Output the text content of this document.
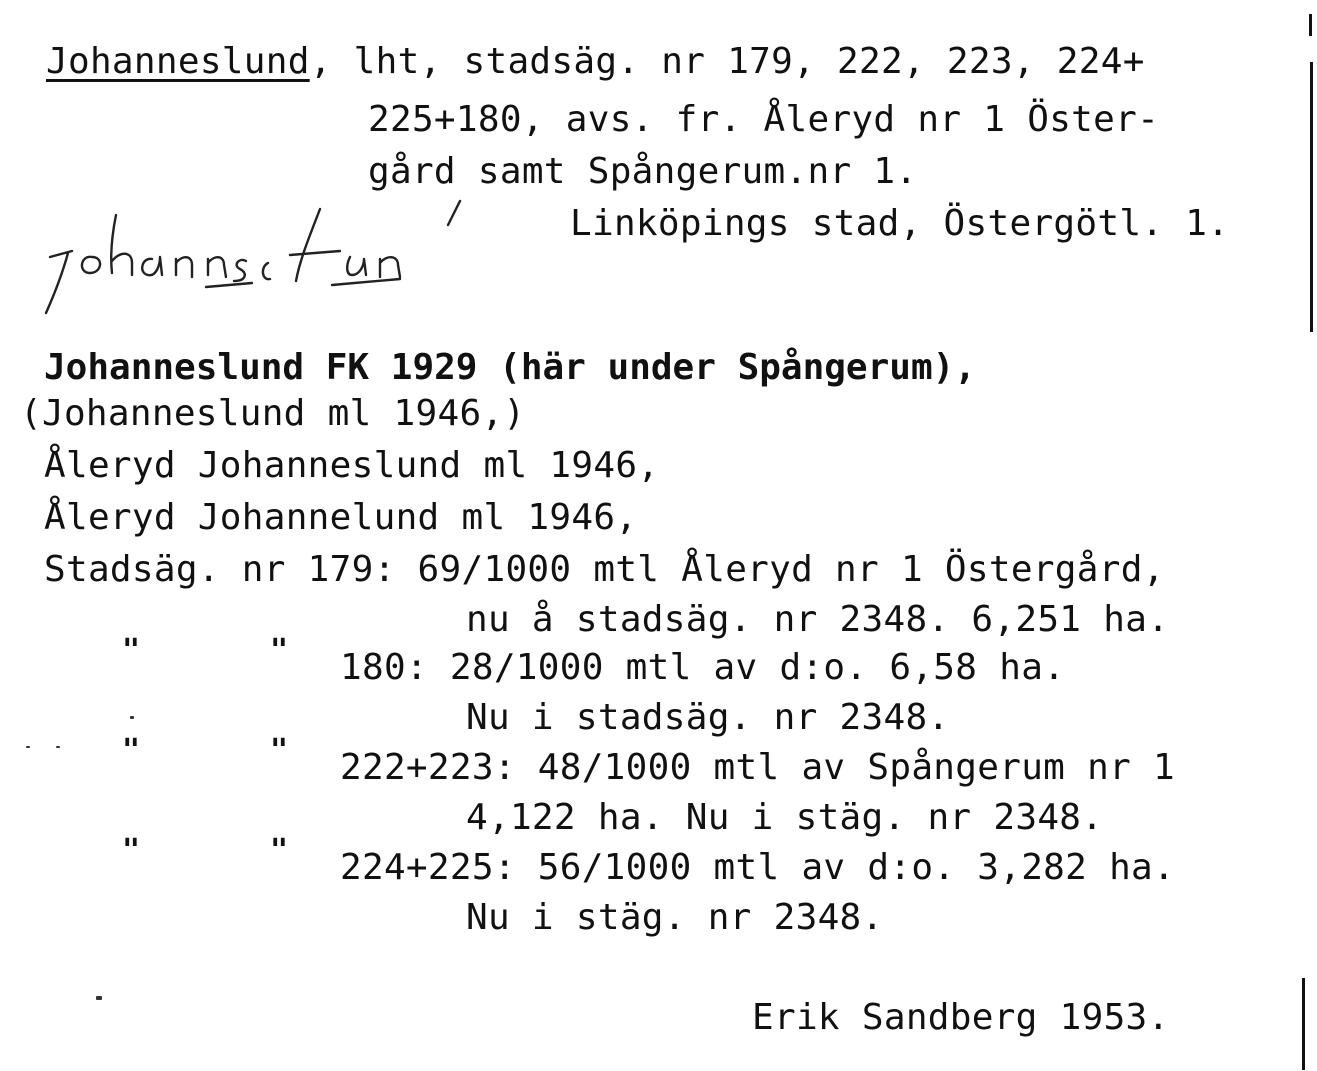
Johanneslund, lht, stadsäg. nr 179, 222, 223, 224+
225+180, avs. fr. Åleryd nr 1 Öster-
gård samt Spångerum.nr 1.
Linköpings stad, Östergötl. 1.
Johanneslund FK 1929 (här under Spångerum),
(Johanneslund ml 1946,)
Åleryd Johanneslund ml 1946,
Åleryd Johannelund ml 1946,
Stadsäg. nr 179: 69/1000 mtl Åleryd nr 1 Östergård,
nu å stadsäg. nr 2348. 6,251 ha.
"	" 180: 28/1000 mtl av d:o. 6,58 ha.
Nu i stadsäg. nr 2348.
"	" 222+223: 48/1000 mtl av Spångerum nr 1
4,122 ha. Nu i stäg. nr 2348.
"	" 224+225: 56/1000 mtl av d:o. 3,282 ha.
Nu i stäg. nr 2348.
Erik Sandberg 1953.
